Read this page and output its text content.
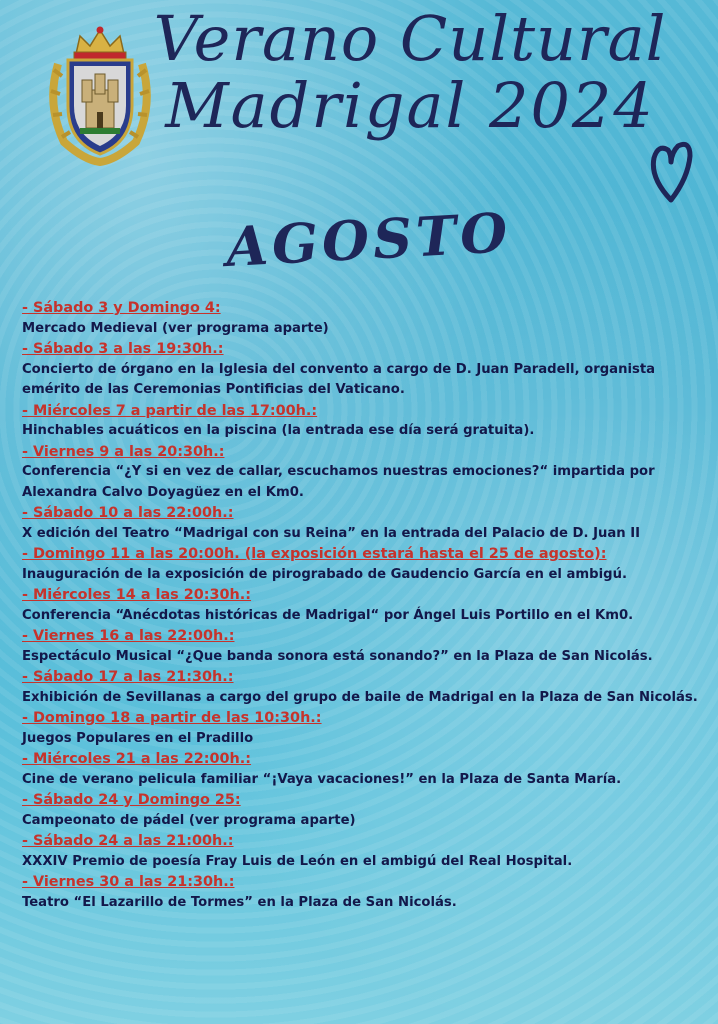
Verano Cultural
Madrigal 2024
AGOSTO
- Sábado 3 y Domingo 4:
Mercado Medieval (ver programa aparte)
- Sábado 3 a las 19:30h.:
Concierto de órgano en la Iglesia del convento a cargo de D. Juan Paradell, organista emérito de las Ceremonias Pontificias del Vaticano.
- Miércoles 7 a partir de las 17:00h.:
Hinchables acuáticos en la piscina (la entrada ese día será gratuita).
- Viernes 9 a las 20:30h.:
Conferencia “¿Y si en vez de callar, escuchamos nuestras emociones?“ impartida por Alexandra Calvo Doyagüez en el Km0.
- Sábado 10 a las 22:00h.:
X edición del Teatro “Madrigal con su Reina” en la entrada del Palacio de D. Juan II
- Domingo 11 a las 20:00h. (la exposición estará hasta el 25 de agosto):
Inauguración de la exposición de pirograbado de Gaudencio García en el ambigú.
- Miércoles 14 a las 20:30h.:
Conferencia “Anécdotas históricas de Madrigal“ por Ángel Luis Portillo en el Km0.
- Viernes 16 a las 22:00h.:
Espectáculo Musical “¿Que banda sonora está sonando?” en la Plaza de San Nicolás.
- Sábado 17 a las 21:30h.:
Exhibición de Sevillanas a cargo del grupo de baile de Madrigal en la Plaza de San Nicolás.
- Domingo 18 a partir de las 10:30h.:
Juegos Populares en el Pradillo
- Miércoles 21 a las 22:00h.:
Cine de verano pelicula familiar “¡Vaya vacaciones!” en la Plaza de Santa María.
- Sábado 24 y Domingo 25:
Campeonato de pádel (ver programa aparte)
- Sábado 24 a las 21:00h.:
XXXIV Premio de poesía Fray Luis de León en el ambigú del Real Hospital.
- Viernes 30 a las 21:30h.:
Teatro “El Lazarillo de Tormes” en la Plaza de San Nicolás.
